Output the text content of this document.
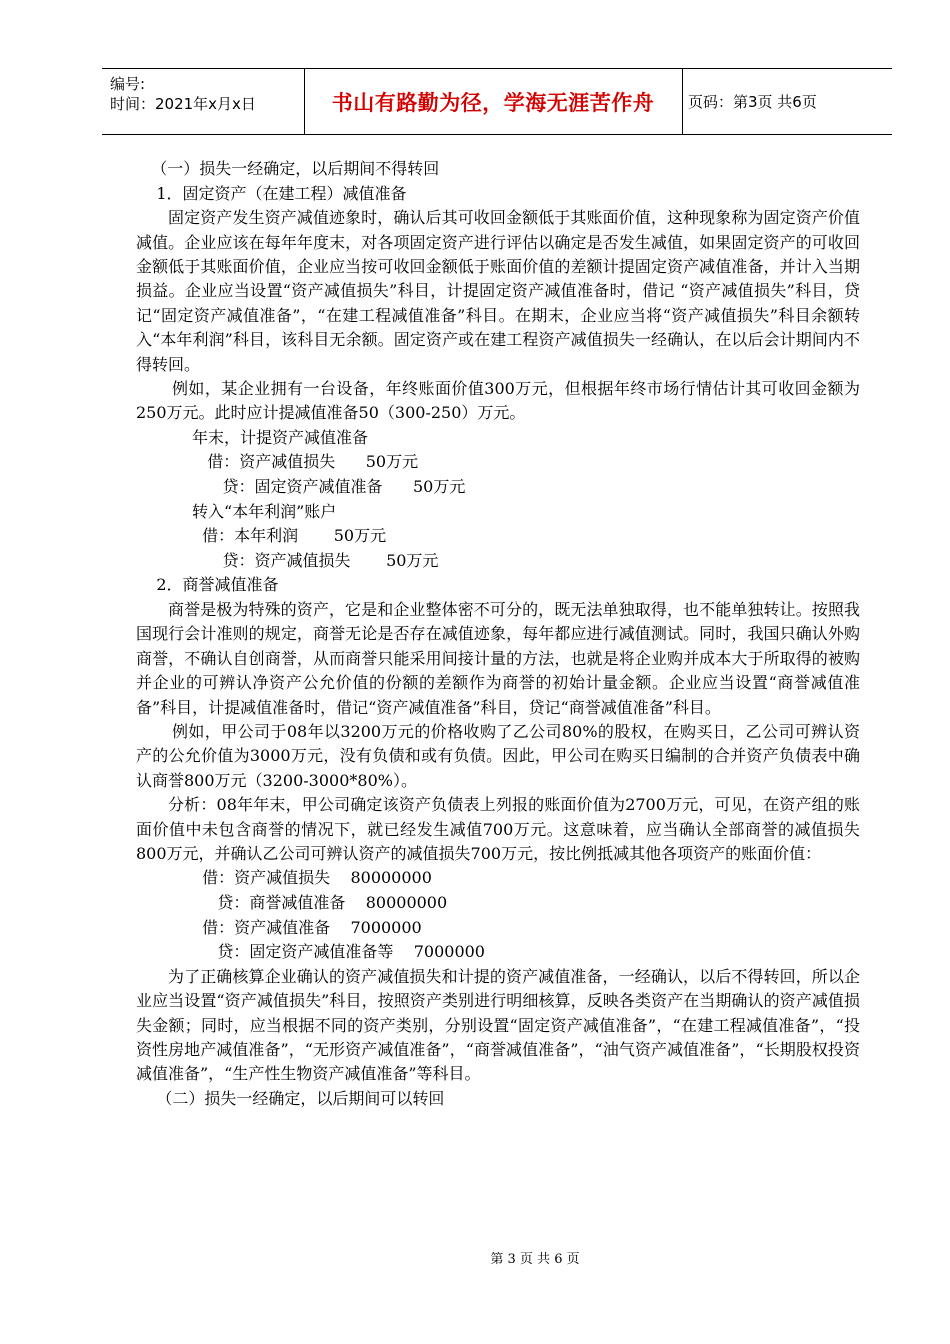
编号:
时间：2021年x月x日	书山有路勤为径，学海无涯苦作舟 页码：第3页 共6页

（一）损失一经确定，以后期间不得转回

1．固定资产（在建工程）减值准备

固定资产发生资产减值迹象时，确认后其可收回金额低于其账面价值，这种现象称为固定资产价值减值。企业应该在每年年度末，对各项固定资产进行评估以确定是否发生减值，如果固定资产的可收回金额低于其账面价值，企业应当按可收回金额低于账面价值的差额计提固定资产减值准备，并计入当期损益。企业应当设置“资产减值损失”科目，计提固定资产减值准备时，借记 “资产减值损失”科目，贷记“固定资产减值准备”，“在建工程减值准备”科目。在期末，企业应当将“资产减值损失”科目余额转入“本年利润”科目，该科目无余额。固定资产或在建工程资产减值损失一经确认，在以后会计期间内不得转回。

例如，某企业拥有一台设备，年终账面价值300万元，但根据年终市场行情估计其可收回金额为250万元。此时应计提减值准备50（300-250）万元。

年末，计提资产减值准备

借：资产减值损失      50万元

贷：固定资产减值准备      50万元

转入“本年利润”账户

借：本年利润       50万元

贷：资产减值损失       50万元

2．商誉减值准备

商誉是极为特殊的资产，它是和企业整体密不可分的，既无法单独取得，也不能单独转让。按照我国现行会计准则的规定，商誉无论是否存在减值迹象，每年都应进行减值测试。同时，我国只确认外购商誉，不确认自创商誉，从而商誉只能采用间接计量的方法，也就是将企业购并成本大于所取得的被购并企业的可辨认净资产公允价值的份额的差额作为商誉的初始计量金额。企业应当设置“商誉减值准备”科目，计提减值准备时，借记“资产减值准备”科目，贷记“商誉减值准备”科目。

例如，甲公司于08年以3200万元的价格收购了乙公司80%的股权，在购买日，乙公司可辨认资产的公允价值为3000万元，没有负债和或有负债。因此，甲公司在购买日编制的合并资产负债表中确认商誉800万元（3200-3000*80%）。

分析：08年年末，甲公司确定该资产负债表上列报的账面价值为2700万元，可见，在资产组的账面价值中未包含商誉的情况下，就已经发生减值700万元。这意味着，应当确认全部商誉的减值损失800万元，并确认乙公司可辨认资产的减值损失700万元，按比例抵减其他各项资产的账面价值：

借：资产减值损失    80000000

贷：商誉减值准备    80000000

借：资产减值准备    7000000

贷：固定资产减值准备等    7000000

为了正确核算企业确认的资产减值损失和计提的资产减值准备，一经确认，以后不得转回，所以企业应当设置“资产减值损失”科目，按照资产类别进行明细核算，反映各类资产在当期确认的资产减值损失金额；同时，应当根据不同的资产类别，分别设置“固定资产减值准备”，“在建工程减值准备”，“投资性房地产减值准备”，“无形资产减值准备”，“商誉减值准备”，“油气资产减值准备”，“长期股权投资减值准备”，“生产性生物资产减值准备”等科目。

（二）损失一经确定，以后期间可以转回

第 3 页 共 6 页
